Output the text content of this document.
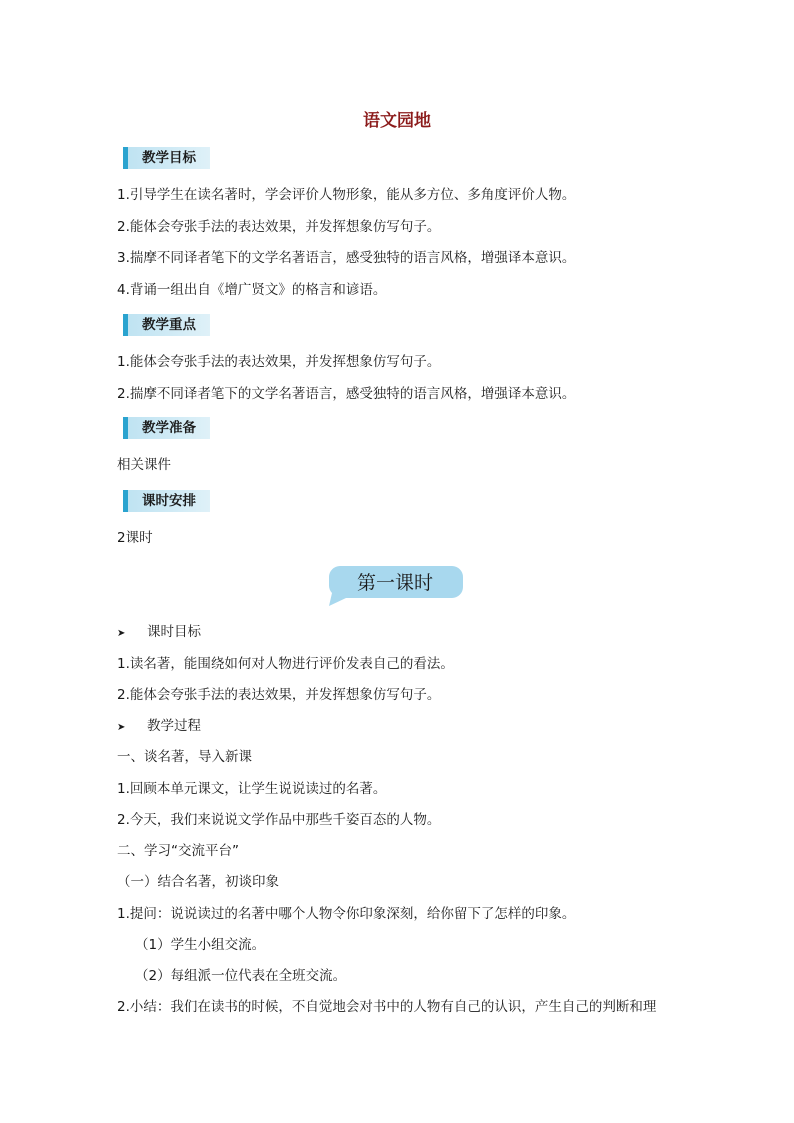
语文园地
教学目标
1.引导学生在读名著时，学会评价人物形象，能从多方位、多角度评价人物。
2.能体会夸张手法的表达效果，并发挥想象仿写句子。
3.揣摩不同译者笔下的文学名著语言，感受独特的语言风格，增强译本意识。
4.背诵一组出自《增广贤文》的格言和谚语。
教学重点
1.能体会夸张手法的表达效果，并发挥想象仿写句子。
2.揣摩不同译者笔下的文学名著语言，感受独特的语言风格，增强译本意识。
教学准备
相关课件
课时安排
2课时
第一课时
➤ 课时目标
1.读名著，能围绕如何对人物进行评价发表自己的看法。
2.能体会夸张手法的表达效果，并发挥想象仿写句子。
➤ 教学过程
一、谈名著，导入新课
1.回顾本单元课文，让学生说说读过的名著。
2.今天，我们来说说文学作品中那些千姿百态的人物。
二、学习“交流平台”
（一）结合名著，初谈印象
1.提问：说说读过的名著中哪个人物令你印象深刻，给你留下了怎样的印象。
（1）学生小组交流。
（2）每组派一位代表在全班交流。
2.小结：我们在读书的时候，不自觉地会对书中的人物有自己的认识，产生自己的判断和理
